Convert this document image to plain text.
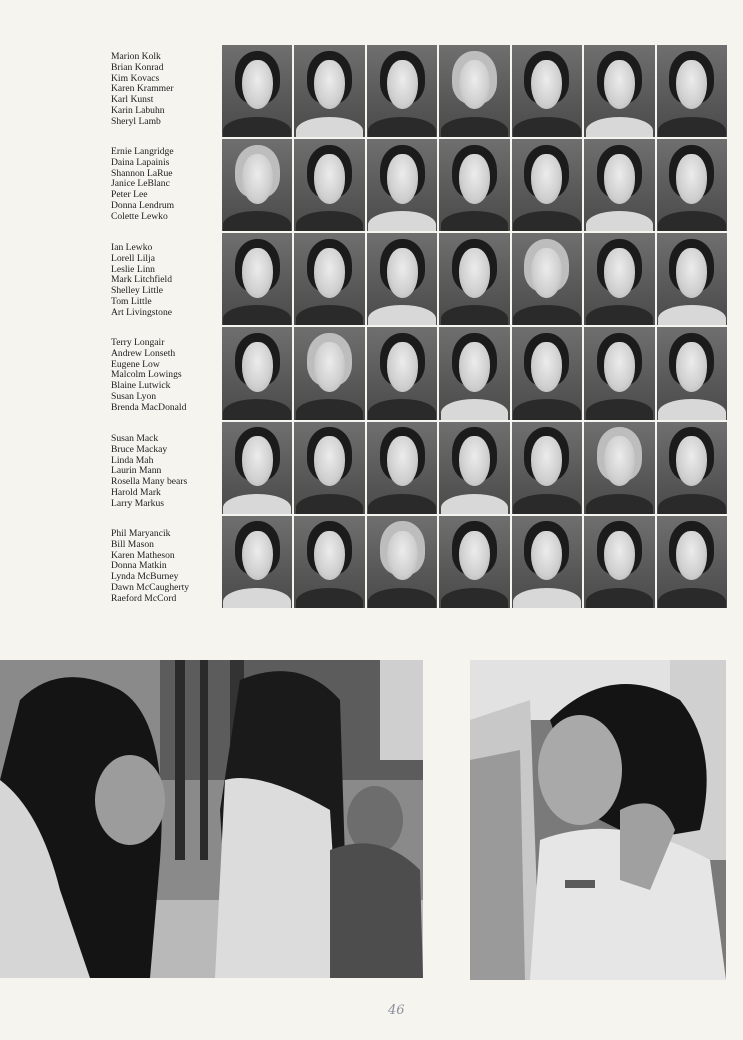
Marion Kolk
Brian Konrad
Kim Kovacs
Karen Krammer
Karl Kunst
Karin Labuhn
Sheryl Lamb
Ernie Langridge
Daina Lapainis
Shannon LaRue
Janice LeBlanc
Peter Lee
Donna Lendrum
Colette Lewko
Ian Lewko
Lorell Lilja
Leslie Linn
Mark Litchfield
Shelley Little
Tom Little
Art Livingstone
Terry Longair
Andrew Lonseth
Eugene Low
Malcolm Lowings
Blaine Lutwick
Susan Lyon
Brenda MacDonald
Susan Mack
Bruce Mackay
Linda Mah
Laurin Mann
Rosella Many bears
Harold Mark
Larry Markus
Phil Maryancik
Bill Mason
Karen Matheson
Donna Matkin
Lynda McBurney
Dawn McCaugherty
Raeford McCord
46
